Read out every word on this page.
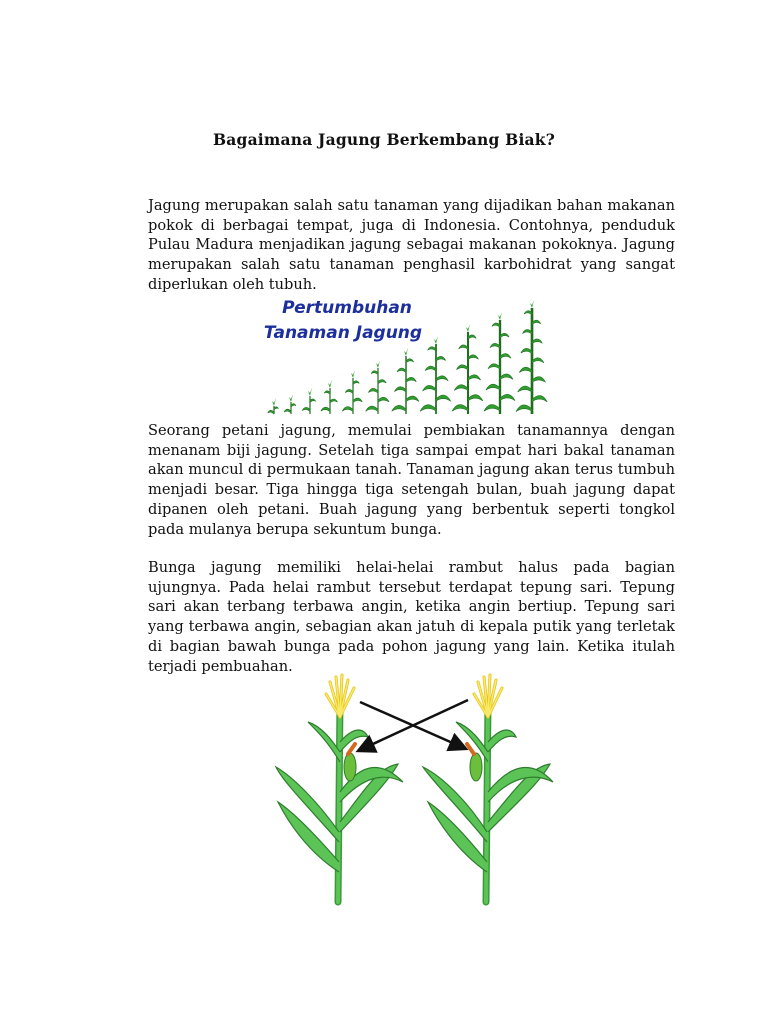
Bagaimana Jagung Berkembang Biak?

Jagung merupakan salah satu tanaman yang dijadikan bahan makanan pokok di berbagai tempat, juga di Indonesia. Contohnya, penduduk Pulau Madura menjadikan jagung sebagai makanan pokoknya. Jagung merupakan salah satu tanaman penghasil karbohidrat yang sangat diperlukan oleh tubuh.

Pertumbuhan
Tanaman Jagung

Seorang petani jagung, memulai pembiakan tanamannya dengan menanam biji jagung. Setelah tiga sampai empat hari bakal tanaman akan muncul di permukaan tanah. Tanaman jagung akan terus tumbuh menjadi besar. Tiga hingga tiga setengah bulan, buah jagung dapat dipanen oleh petani. Buah jagung yang berbentuk seperti tongkol pada mulanya berupa sekuntum bunga.

Bunga jagung memiliki helai-helai rambut halus pada bagian ujungnya. Pada helai rambut tersebut terdapat tepung sari. Tepung sari akan terbang terbawa angin, ketika angin bertiup. Tepung sari yang terbawa angin, sebagian akan jatuh di kepala putik yang terletak di bagian bawah bunga pada pohon jagung yang lain. Ketika itulah terjadi pembuahan.
